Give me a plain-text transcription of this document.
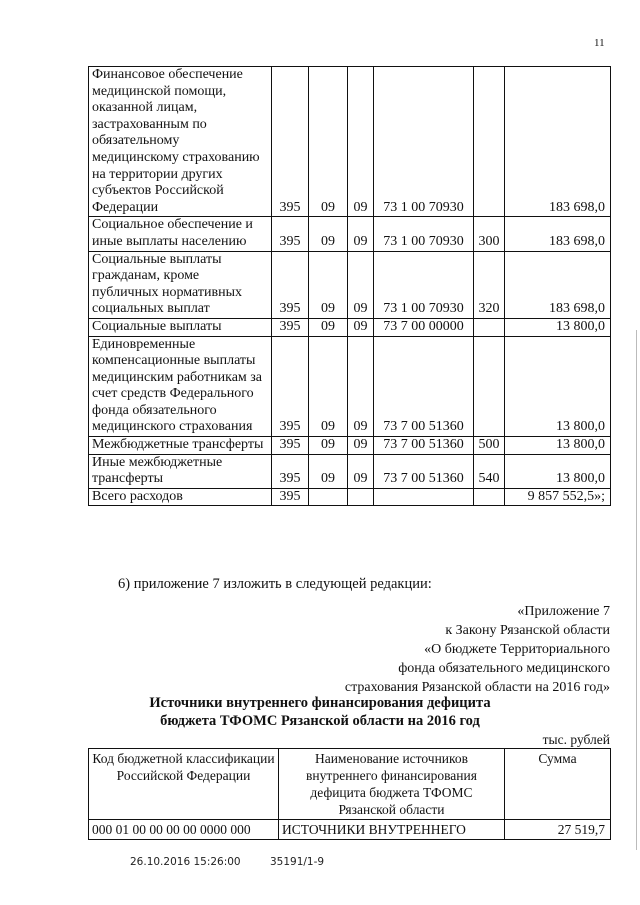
11
Финансовое обеспечение медицинской помощи, оказанной лицам, застрахованным по обязательному медицинскому страхованию на территории других субъектов Российской Федерации	395	09	09	73 1 00 70930		183 698,0
Социальное обеспечение и иные выплаты населению	395	09	09	73 1 00 70930	300	183 698,0
Социальные выплаты гражданам, кроме публичных нормативных социальных выплат	395	09	09	73 1 00 70930	320	183 698,0
Социальные выплаты	395	09	09	73 7 00 00000		13 800,0
Единовременные компенсационные выплаты медицинским работникам за счет средств Федерального фонда обязательного медицинского страхования	395	09	09	73 7 00 51360		13 800,0
Межбюджетные трансферты	395	09	09	73 7 00 51360	500	13 800,0
Иные межбюджетные трансферты	395	09	09	73 7 00 51360	540	13 800,0
Всего расходов	395					9 857 552,5»;
6) приложение 7 изложить в следующей редакции:
«Приложение 7
к Закону Рязанской области
«О бюджете Территориального
фонда обязательного медицинского
страхования Рязанской области на 2016 год»
Источники внутреннего финансирования дефицита
бюджета ТФОМС Рязанской области на 2016 год
тыс. рублей
Код бюджетной классификации Российской Федерации	Наименование источников внутреннего финансирования дефицита бюджета ТФОМС Рязанской области	Сумма
000 01 00 00 00 00 0000 000	ИСТОЧНИКИ ВНУТРЕННЕГО	27 519,7
26.10.2016 15:26:00	35191/1-9
